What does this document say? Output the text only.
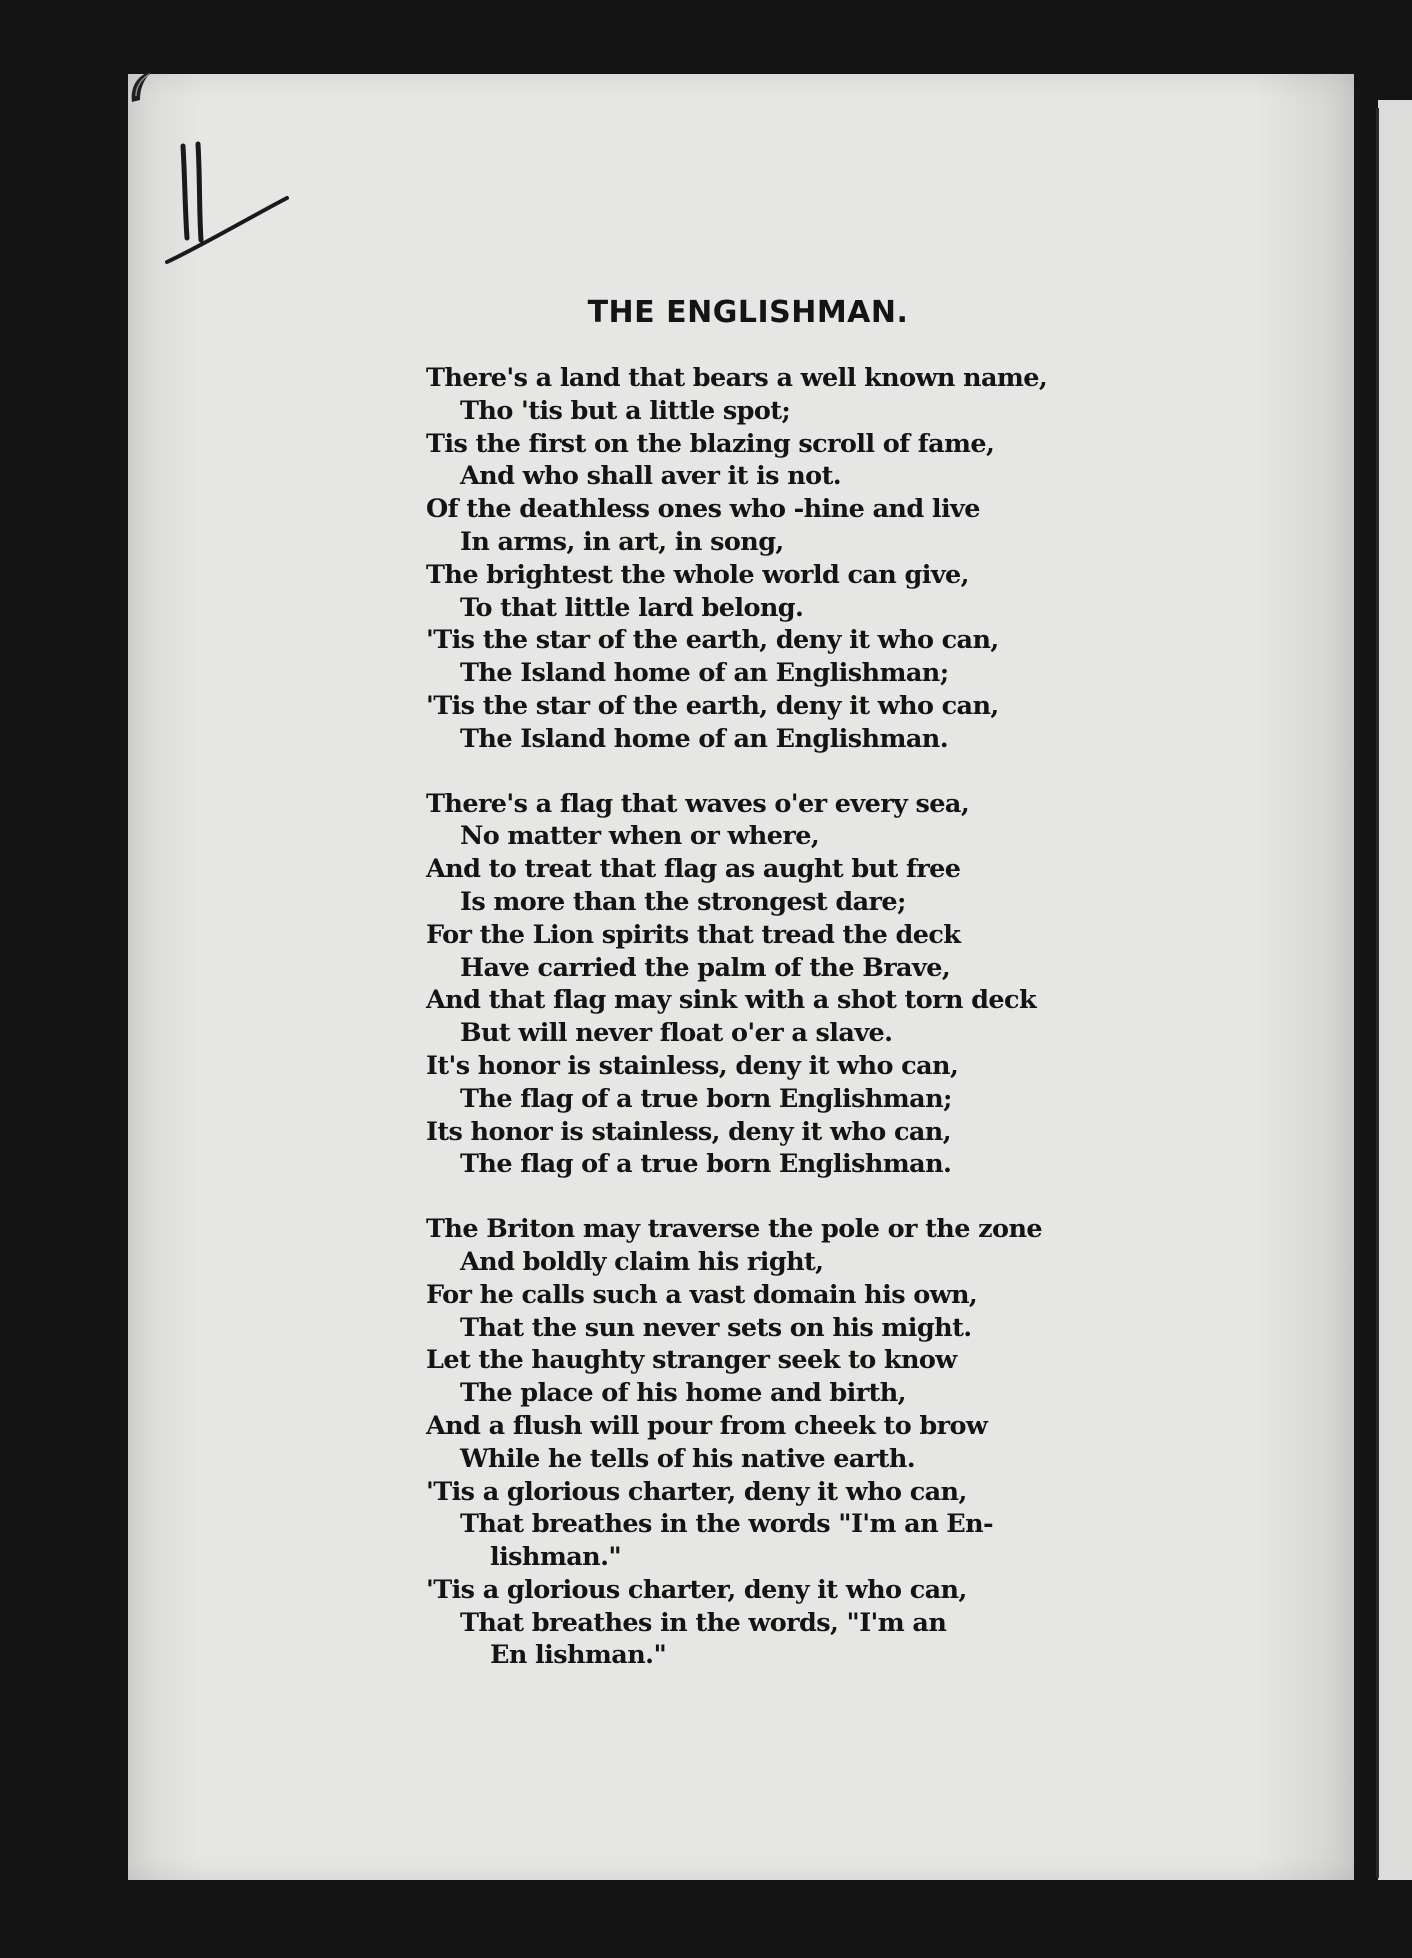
THE ENGLISHMAN.
There's a land that bears a well known name,
Tho 'tis but a little spot;
Tis the first on the blazing scroll of fame,
And who shall aver it is not.
Of the deathless ones who -hine and live
In arms, in art, in song,
The brightest the whole world can give,
To that little lard belong.
'Tis the star of the earth, deny it who can,
The Island home of an Englishman;
'Tis the star of the earth, deny it who can,
The Island home of an Englishman.
There's a flag that waves o'er every sea,
No matter when or where,
And to treat that flag as aught but free
Is more than the strongest dare;
For the Lion spirits that tread the deck
Have carried the palm of the Brave,
And that flag may sink with a shot torn deck
But will never float o'er a slave.
It's honor is stainless, deny it who can,
The flag of a true born Englishman;
Its honor is stainless, deny it who can,
The flag of a true born Englishman.
The Briton may traverse the pole or the zone
And boldly claim his right,
For he calls such a vast domain his own,
That the sun never sets on his might.
Let the haughty stranger seek to know
The place of his home and birth,
And a flush will pour from cheek to brow
While he tells of his native earth.
'Tis a glorious charter, deny it who can,
That breathes in the words "I'm an En-
lishman."
'Tis a glorious charter, deny it who can,
That breathes in the words, "I'm an
En lishman."
